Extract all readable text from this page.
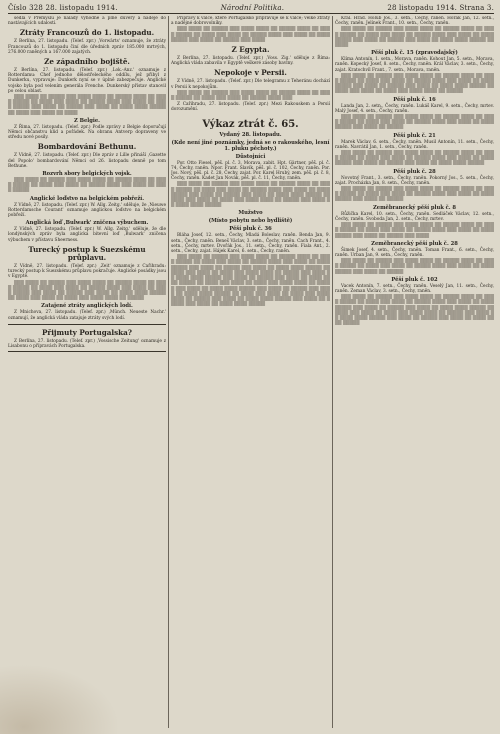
Číslo 328 28. listopadu 1914.	Národní Politika.	28 listopadu 1914. Strana 3.

sedla v Přemyšlu je nálady výhodné a plné důvěry a naděje do nastávajících udalostí.

Ztráty Francouzů do 1. listopadu.

Z Berlína, 27. listopadu. (Telef. zpr.) ,Vorwärts' oznamuje, že ztráty Francouzů do 1. listopadu činí dle úředních zpráv 185.000 mrtvých, 276.000 raněných a 167.000 zajatých.

Ze západního bojiště.

Z Berlína, 27. listopadu. (Telef. zpr.) ,Lok.-Anz.' oznamuje z Rotterdamu: Chef jednoho dělostřeleckého oddílu, jež přibyl z Dunkerku, vypravuje: Dunkerk nyní se v úplně zabezpečuje. Anglické vojsko byla pod velením generála Frenche. Dunkerský přístav stanovil po celou oblast.

▒▒▒ ▒▒▒▒ ▒▒ ▒▒▒▒▒ ▒▒▒ ▒▒▒▒ ▒▒▒▒ ▒▒ ▒▒▒▒▒ ▒▒▒▒ ▒▒ ▒▒▒▒ ▒▒▒▒▒ ▒▒ ▒▒▒▒ ▒▒▒ ▒▒▒▒ ▒▒ ▒▒▒▒▒ ▒▒▒▒ ▒▒▒ ▒▒▒▒ ▒▒ ▒▒▒▒ ▒▒▒▒▒ ▒▒▒ ▒▒▒▒ ▒▒ ▒▒▒▒▒ ▒▒▒ ▒▒▒▒ ▒▒ ▒▒▒▒ ▒▒▒▒ ▒▒▒▒▒ ▒▒ ▒▒▒▒ ▒▒▒ ▒▒▒▒ ▒▒ ▒▒▒▒

Z Belgie.

Z Řima, 27. listopadu. (Telef. zpr.) Podle zprávy z Belgie doporučují Němci občanstvu klid a pořádek. Na obranu Antverp dopraveny ve středu nové posily.

Bombardování Bethunu.

Z Vídně, 27. listopadu. (Telef. zpr.) Dle zpráv z Lille přináší ,Gazette del Popolo' bombardování Němci od 26. listopadu denně po tom Bethune.

Rozvrh sbory belgických vojsk.

▒▒▒ ▒▒▒▒ ▒▒ ▒▒▒▒▒ ▒▒▒ ▒▒▒▒ ▒▒▒▒ ▒▒ ▒▒▒▒▒ ▒▒▒▒ ▒▒ ▒▒▒▒ ▒▒▒▒▒ ▒▒ ▒▒▒▒ ▒▒▒ ▒▒▒▒ ▒▒ ▒▒▒▒▒ ▒▒▒▒ ▒▒▒ ▒▒▒▒ ▒▒ ▒▒▒▒ ▒▒▒▒▒

Anglické loďstvo na belgickém pobřeží.

Z Vídně, 27. listopadu. (Telef. zpr.) W. Allg. Zeitg.' sděluje, že ,Nieuwe Rotterdamsche Courant' oznamuje anglickou loďstvo na belgickém pobřeží.

Anglická loď ,Bulwark' zničena výbuchem.

Z Vídně, 27. listopadu. (Telef. zpr.) W. Allg. Zeitg.' sděluje, že dle londýnských zpráv byla anglická bitevní loď ,Bulwark' zničena výbuchem v přístavu Sheerness.

Turecký postup k Suezskému průplavu.

Z Vídně, 27. listopadu. (Telef. zpr.) ,Zeit' oznamuje z Cařihradu: turecký postup k Suezskému průplavu pokračuje. Anglické posádky jsou v Egyptě.

▒▒▒ ▒▒▒▒ ▒▒ ▒▒▒▒▒ ▒▒▒ ▒▒▒▒ ▒▒▒▒ ▒▒ ▒▒▒▒▒ ▒▒▒▒ ▒▒ ▒▒▒▒ ▒▒▒▒▒ ▒▒ ▒▒▒▒ ▒▒▒ ▒▒▒▒ ▒▒ ▒▒▒▒▒ ▒▒▒▒ ▒▒▒ ▒▒▒▒ ▒▒ ▒▒▒▒ ▒▒▒▒▒ ▒▒▒ ▒▒▒▒ ▒▒ ▒▒▒▒▒ ▒▒▒ ▒▒▒▒ ▒▒ ▒▒▒▒ ▒▒▒▒ ▒▒▒▒▒ ▒▒ ▒▒▒▒ ▒▒▒ ▒▒▒▒ ▒▒ ▒▒▒▒ ▒▒▒ ▒▒▒▒ ▒▒▒▒ ▒▒ ▒▒▒▒▒

Zatajené ztráty anglických lodí.

Z Mnichova, 27. listopadu. (Telef. zpr.) ,Münch. Neueste Nachr.' oznamují, že anglická vláda zatajuje ztráty svých lodí.

Přijmuty Portugalska?

Z Berlína, 27. listopadu. (Telef. zpr.) ,Vossische Zeitung' oznamuje z Lisabonu o přípravách Portugalska.

Přípravy k válce, které Portugalsko připravuje se k válce; velké ztráty a nadějné dobrovolníky.

▒▒▒ ▒▒▒▒ ▒▒ ▒▒▒▒▒ ▒▒▒ ▒▒▒▒ ▒▒▒▒ ▒▒ ▒▒▒▒▒ ▒▒▒▒ ▒▒ ▒▒▒▒ ▒▒▒▒▒ ▒▒ ▒▒▒▒ ▒▒▒ ▒▒▒▒ ▒▒ ▒▒▒▒▒ ▒▒▒▒ ▒▒▒ ▒▒▒▒ ▒▒ ▒▒▒▒ ▒▒▒▒▒ ▒▒▒ ▒▒▒▒ ▒▒ ▒▒▒▒▒ ▒▒▒ ▒▒▒▒

Z Egypta.

Z Berlína, 27. listopadu. (Telef. zpr.) ,Voss. Zig.' sděluje z Říma: Anglická vláda zabavila v Egyptě veškeré zásoby bavlny.

Nepokoje v Persii.

Z Vídně, 27. listopadu. (Telef. zpr.) Dle telegramu z Teheránu dochází v Persii k nepokojům.

▒▒▒ ▒▒▒▒ ▒▒ ▒▒▒▒▒ ▒▒▒ ▒▒▒▒ ▒▒▒▒ ▒▒ ▒▒▒▒▒ ▒▒▒▒ ▒▒ ▒▒▒▒ ▒▒▒▒▒ ▒▒ ▒▒▒▒ ▒▒▒ ▒▒▒▒ ▒▒ ▒▒▒▒▒ ▒▒▒▒ ▒▒▒

Z Cařihradu, 27. listopadu. (Telef. zpr.) Mezi Rakouskem a Persií dorozumění.

Výkaz ztrát č. 65.
Vydaný 28. listopadu.
(Kde není jiné poznámky, jedná se o rakouského, lesní 1. pluku pěchoty.)
Důstojníci

Por. Otto Fiesel, pěš. pl. č. 3, Morava, zabit. Hpt. Gärtner, pěš. pl. č. 74, Čechy, raněn. Npor. Frant. Slavík, pěš. pl. č. 102, Čechy, raněn. Por. Jos. Nový, pěš. pl. č. 28, Čechy, zajat. Por. Karel Hrubý, zem. pěš. pl. č. 8, Čechy, raněn. Kadet Jan Novák, pěš. pl. č. 11, Čechy, raněn.

▒▒▒ ▒▒▒▒ ▒▒ ▒▒▒▒▒ ▒▒▒ ▒▒▒▒ ▒▒▒▒ ▒▒ ▒▒▒▒▒ ▒▒▒▒ ▒▒ ▒▒▒▒ ▒▒▒▒▒ ▒▒ ▒▒▒▒ ▒▒▒ ▒▒▒▒ ▒▒ ▒▒▒▒▒ ▒▒▒▒ ▒▒▒ ▒▒▒▒ ▒▒ ▒▒▒▒ ▒▒▒▒▒ ▒▒▒ ▒▒▒▒ ▒▒ ▒▒▒▒▒ ▒▒▒ ▒▒▒▒ ▒▒ ▒▒▒▒ ▒▒▒▒ ▒▒▒▒▒ ▒▒ ▒▒▒▒ ▒▒▒ ▒▒▒▒ ▒▒ ▒▒▒▒ ▒▒▒ ▒▒▒▒ ▒▒▒▒ ▒▒ ▒▒▒▒▒ ▒▒▒ ▒▒▒▒ ▒▒ ▒▒▒▒ ▒▒▒▒ ▒▒▒▒▒

Mužstvo
(Místo pobytu nebo bydliště)
Pěší pluk č. 36

Bláha Josef, 12. setn., Čechy, Mladá Boleslav, raněn. Benda Jan, 9. setn., Čechy, raněn. Beneš Václav, 3. setn., Čechy, raněn. Cach Frant., 4. setn., Čechy, mrtev. Dvořák Jos., 11. setn., Čechy, raněn. Fiala Ant., 2. setn., Čechy, zajat. Hájek Karel, 6. setn., Čechy, raněn.

▒▒▒ ▒▒▒▒ ▒▒ ▒▒▒▒▒ ▒▒▒ ▒▒▒▒ ▒▒▒▒ ▒▒ ▒▒▒▒▒ ▒▒▒▒ ▒▒ ▒▒▒▒ ▒▒▒▒▒ ▒▒ ▒▒▒▒ ▒▒▒ ▒▒▒▒ ▒▒ ▒▒▒▒▒ ▒▒▒▒ ▒▒▒ ▒▒▒▒ ▒▒ ▒▒▒▒ ▒▒▒▒▒ ▒▒▒ ▒▒▒▒ ▒▒ ▒▒▒▒▒ ▒▒▒ ▒▒▒▒ ▒▒ ▒▒▒▒ ▒▒▒▒ ▒▒▒▒▒ ▒▒ ▒▒▒▒ ▒▒▒ ▒▒▒▒ ▒▒ ▒▒▒▒ ▒▒▒ ▒▒▒▒ ▒▒▒▒ ▒▒ ▒▒▒▒▒ ▒▒▒ ▒▒▒▒ ▒▒ ▒▒▒▒ ▒▒▒▒ ▒▒▒▒▒ ▒▒▒ ▒▒▒▒ ▒▒ ▒▒▒▒▒ ▒▒▒ ▒▒▒▒ ▒▒ ▒▒▒▒ ▒▒▒▒ ▒▒▒▒▒ ▒▒ ▒▒▒▒ ▒▒▒ ▒▒▒▒ ▒▒ ▒▒▒▒ ▒▒▒ ▒▒▒▒ ▒▒▒▒ ▒▒ ▒▒▒▒▒ ▒▒▒ ▒▒▒▒ ▒▒ ▒▒▒▒ ▒▒▒▒ ▒▒▒▒▒ ▒▒▒ ▒▒▒▒ ▒▒ ▒▒▒▒▒ ▒▒▒ ▒▒▒▒ ▒▒ ▒▒▒▒ ▒▒▒▒ ▒▒▒▒▒ ▒▒ ▒▒▒▒ ▒▒▒ ▒▒▒▒ ▒▒ ▒▒▒▒ ▒▒▒ ▒▒▒▒ ▒▒▒▒ ▒▒ ▒▒▒▒▒ ▒▒▒ ▒▒▒▒ ▒▒ ▒▒▒▒ ▒▒▒▒ ▒▒▒▒▒ ▒▒▒ ▒▒▒▒ ▒▒ ▒▒▒▒▒ ▒▒▒ ▒▒▒▒ ▒▒ ▒▒▒▒ ▒▒▒▒ ▒▒▒▒▒

Král. Hrad. Holub Jos., 3. setn., Čechy, raněn. Horák Jan, 12. setn., Čechy, raněn. Jelínek Frant., 10. setn., Čechy, raněn.

▒▒▒ ▒▒▒▒ ▒▒ ▒▒▒▒▒ ▒▒▒ ▒▒▒▒ ▒▒▒▒ ▒▒ ▒▒▒▒▒ ▒▒▒▒ ▒▒ ▒▒▒▒ ▒▒▒▒▒ ▒▒ ▒▒▒▒ ▒▒▒ ▒▒▒▒ ▒▒ ▒▒▒▒▒ ▒▒▒▒ ▒▒▒ ▒▒▒▒ ▒▒ ▒▒▒▒ ▒▒▒▒▒ ▒▒▒ ▒▒▒▒ ▒▒ ▒▒▒▒▒ ▒▒▒ ▒▒▒▒ ▒▒ ▒▒▒▒ ▒▒▒▒ ▒▒▒▒▒ ▒▒ ▒▒▒▒

Pěší pluk č. 15 (zpravodajský)

Klíma Antonín, 1. setn., Morava, raněn. Kohout Jan, 5. setn., Morava, raněn. Kopecký Josef, 8. setn., Čechy, raněn. Král Václav, 3. setn., Čechy, zajat. Kratochvíl Frant., 7. setn., Morava, raněn.

▒▒▒ ▒▒▒▒ ▒▒ ▒▒▒▒▒ ▒▒▒ ▒▒▒▒ ▒▒▒▒ ▒▒ ▒▒▒▒▒ ▒▒▒▒ ▒▒ ▒▒▒▒ ▒▒▒▒▒ ▒▒ ▒▒▒▒ ▒▒▒ ▒▒▒▒ ▒▒ ▒▒▒▒▒ ▒▒▒▒ ▒▒▒ ▒▒▒▒ ▒▒ ▒▒▒▒ ▒▒▒▒▒ ▒▒▒ ▒▒▒▒ ▒▒ ▒▒▒▒▒ ▒▒▒ ▒▒▒▒ ▒▒ ▒▒▒▒ ▒▒▒▒ ▒▒▒▒▒ ▒▒ ▒▒▒▒ ▒▒▒ ▒▒▒▒ ▒▒ ▒▒▒▒ ▒▒▒ ▒▒▒▒ ▒▒▒▒ ▒▒ ▒▒▒▒▒

Pěší pluk č. 16

Landa Jan, 2. setn., Čechy, raněn. Lukáš Karel, 9. setn., Čechy, mrtev. Malý Josef, 4. setn., Čechy, raněn.

▒▒▒ ▒▒▒▒ ▒▒ ▒▒▒▒▒ ▒▒▒ ▒▒▒▒ ▒▒▒▒ ▒▒ ▒▒▒▒▒ ▒▒▒▒ ▒▒ ▒▒▒▒ ▒▒▒▒▒ ▒▒ ▒▒▒▒ ▒▒▒ ▒▒▒▒ ▒▒ ▒▒▒▒▒ ▒▒▒▒ ▒▒▒ ▒▒▒▒ ▒▒ ▒▒▒▒ ▒▒▒▒▒ ▒▒▒ ▒▒▒▒ ▒▒ ▒▒▒▒▒

Pěší pluk č. 21

Marek Václav, 6. setn., Čechy, raněn. Musil Antonín, 11. setn., Čechy, raněn. Navrátil Jan, 1. setn., Čechy, raněn.

▒▒▒ ▒▒▒▒ ▒▒ ▒▒▒▒▒ ▒▒▒ ▒▒▒▒ ▒▒▒▒ ▒▒ ▒▒▒▒▒ ▒▒▒▒ ▒▒ ▒▒▒▒ ▒▒▒▒▒ ▒▒ ▒▒▒▒ ▒▒▒ ▒▒▒▒ ▒▒ ▒▒▒▒▒ ▒▒▒▒ ▒▒▒ ▒▒▒▒ ▒▒ ▒▒▒▒ ▒▒▒▒▒ ▒▒▒ ▒▒▒▒ ▒▒ ▒▒▒▒▒ ▒▒▒ ▒▒▒▒ ▒▒ ▒▒▒▒ ▒▒▒▒ ▒▒▒▒▒

Pěší pluk č. 28

Novotný Frant., 3. setn., Čechy, raněn. Pokorný Jos., 5. setn., Čechy, zajat. Procházka Jan, 8. setn., Čechy, raněn.

▒▒▒ ▒▒▒▒ ▒▒ ▒▒▒▒▒ ▒▒▒ ▒▒▒▒ ▒▒▒▒ ▒▒ ▒▒▒▒▒ ▒▒▒▒ ▒▒ ▒▒▒▒ ▒▒▒▒▒ ▒▒ ▒▒▒▒ ▒▒▒ ▒▒▒▒ ▒▒ ▒▒▒▒▒ ▒▒▒▒ ▒▒▒ ▒▒▒▒ ▒▒ ▒▒▒▒ ▒▒▒▒▒ ▒▒▒ ▒▒▒▒ ▒▒ ▒▒▒▒▒

Zeměbranecký pěší pluk č. 8

Růžička Karel, 10. setn., Čechy, raněn. Sedláček Václav, 12. setn., Čechy, raněn. Svoboda Jan, 2. setn., Čechy, mrtev.

▒▒▒ ▒▒▒▒ ▒▒ ▒▒▒▒▒ ▒▒▒ ▒▒▒▒ ▒▒▒▒ ▒▒ ▒▒▒▒▒ ▒▒▒▒ ▒▒ ▒▒▒▒ ▒▒▒▒▒ ▒▒ ▒▒▒▒ ▒▒▒ ▒▒▒▒ ▒▒ ▒▒▒▒▒ ▒▒▒▒ ▒▒▒ ▒▒▒▒ ▒▒ ▒▒▒▒ ▒▒▒▒▒ ▒▒▒ ▒▒▒▒ ▒▒ ▒▒▒▒▒ ▒▒▒ ▒▒▒▒

Zeměbranecký pěší pluk č. 28

Šimek Josef, 4. setn., Čechy, raněn. Toman Frant., 6. setn., Čechy, raněn. Urban Jan, 9. setn., Čechy, raněn.

▒▒▒ ▒▒▒▒ ▒▒ ▒▒▒▒▒ ▒▒▒ ▒▒▒▒ ▒▒▒▒ ▒▒ ▒▒▒▒▒ ▒▒▒▒ ▒▒ ▒▒▒▒ ▒▒▒▒▒ ▒▒ ▒▒▒▒ ▒▒▒ ▒▒▒▒ ▒▒ ▒▒▒▒▒ ▒▒▒▒ ▒▒▒ ▒▒▒▒ ▒▒ ▒▒▒▒ ▒▒▒▒▒ ▒▒▒ ▒▒▒▒ ▒▒ ▒▒▒▒▒

Pěší pluk č. 102

Vacek Antonín, 7. setn., Čechy, raněn. Veselý Jan, 11. setn., Čechy, raněn. Zeman Václav, 3. setn., Čechy, raněn.

▒▒▒ ▒▒▒▒ ▒▒ ▒▒▒▒▒ ▒▒▒ ▒▒▒▒ ▒▒▒▒ ▒▒ ▒▒▒▒▒ ▒▒▒▒ ▒▒ ▒▒▒▒ ▒▒▒▒▒ ▒▒ ▒▒▒▒ ▒▒▒ ▒▒▒▒ ▒▒ ▒▒▒▒▒ ▒▒▒▒ ▒▒▒ ▒▒▒▒ ▒▒ ▒▒▒▒ ▒▒▒▒▒ ▒▒▒ ▒▒▒▒ ▒▒ ▒▒▒▒▒ ▒▒▒ ▒▒▒▒ ▒▒ ▒▒▒▒ ▒▒▒▒ ▒▒▒▒▒ ▒▒ ▒▒▒▒ ▒▒▒ ▒▒▒▒ ▒▒ ▒▒▒▒ ▒▒▒ ▒▒▒▒ ▒▒▒▒ ▒▒ ▒▒▒▒▒ ▒▒▒ ▒▒▒▒ ▒▒ ▒▒▒▒ ▒▒▒▒ ▒▒▒▒▒ ▒▒▒ ▒▒▒▒ ▒▒ ▒▒▒▒▒ ▒▒▒ ▒▒▒▒ ▒▒ ▒▒▒▒ ▒▒▒▒ ▒▒▒▒▒
